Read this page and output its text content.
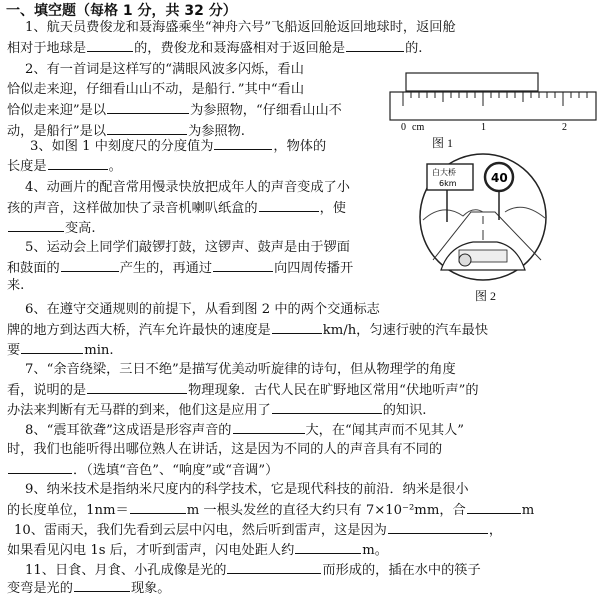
一、填空题（每格 1 分，共 32 分）
1、航天员费俊龙和聂海盛乘坐“神舟六号”飞船返回舱返回地球时，返回舱
相对于地球是	的，费俊龙和聂海盛相对于返回舱是	的.
2、有一首词是这样写的“满眼风波多闪烁，看山
恰似走来迎，仔细看山山不动，是船行．”其中“看山
恰似走来迎”是以	为参照物，“仔细看山山不
动，是船行”是以	为参照物.
3、如图 1 中刻度尺的分度值为	，物体的
长度是	。
4、动画片的配音常用慢录快放把成年人的声音变成了小
孩的声音，这样做加快了录音机喇叭纸盒的	，使
变高.
5、运动会上同学们敲锣打鼓，这锣声、鼓声是由于锣面
和鼓面的	产生的，再通过	向四周传播开
来.
6、在遵守交通规则的前提下，从看到图 2 中的两个交通标志
牌的地方到达西大桥，汽车允许最快的速度是	km/h，匀速行驶的汽车最快
要	min.
7、“余音绕梁，三日不绝”是描写优美动听旋律的诗句，但从物理学的角度
看，说明的是	物理现象．古代人民在旷野地区常用“伏地听声”的
办法来判断有无马群的到来，他们这是应用了	的知识.
8、“震耳欲聋”这成语是形容声音的	大，在“闻其声而不见其人”
时，我们也能听得出哪位熟人在讲话，这是因为不同的人的声音具有不同的
．（选填“音色”、“响度”或“音调”）
9、纳米技术是指纳米尺度内的科学技术，它是现代科技的前沿．纳米是很小
的长度单位，1nm＝	m 一根头发丝的直径大约只有 7×10⁻²mm，合	m
10、雷雨天，我们先看到云层中闪电，然后听到雷声，这是因为	，
如果看见闪电 1s 后，才听到雷声，闪电处距人约	m。
11、日食、月食、小孔成像是光的	而形成的，插在水中的筷子
变弯是光的	现象。
0 cm	1	2
图 1
白大桥
6km	40
图 2
